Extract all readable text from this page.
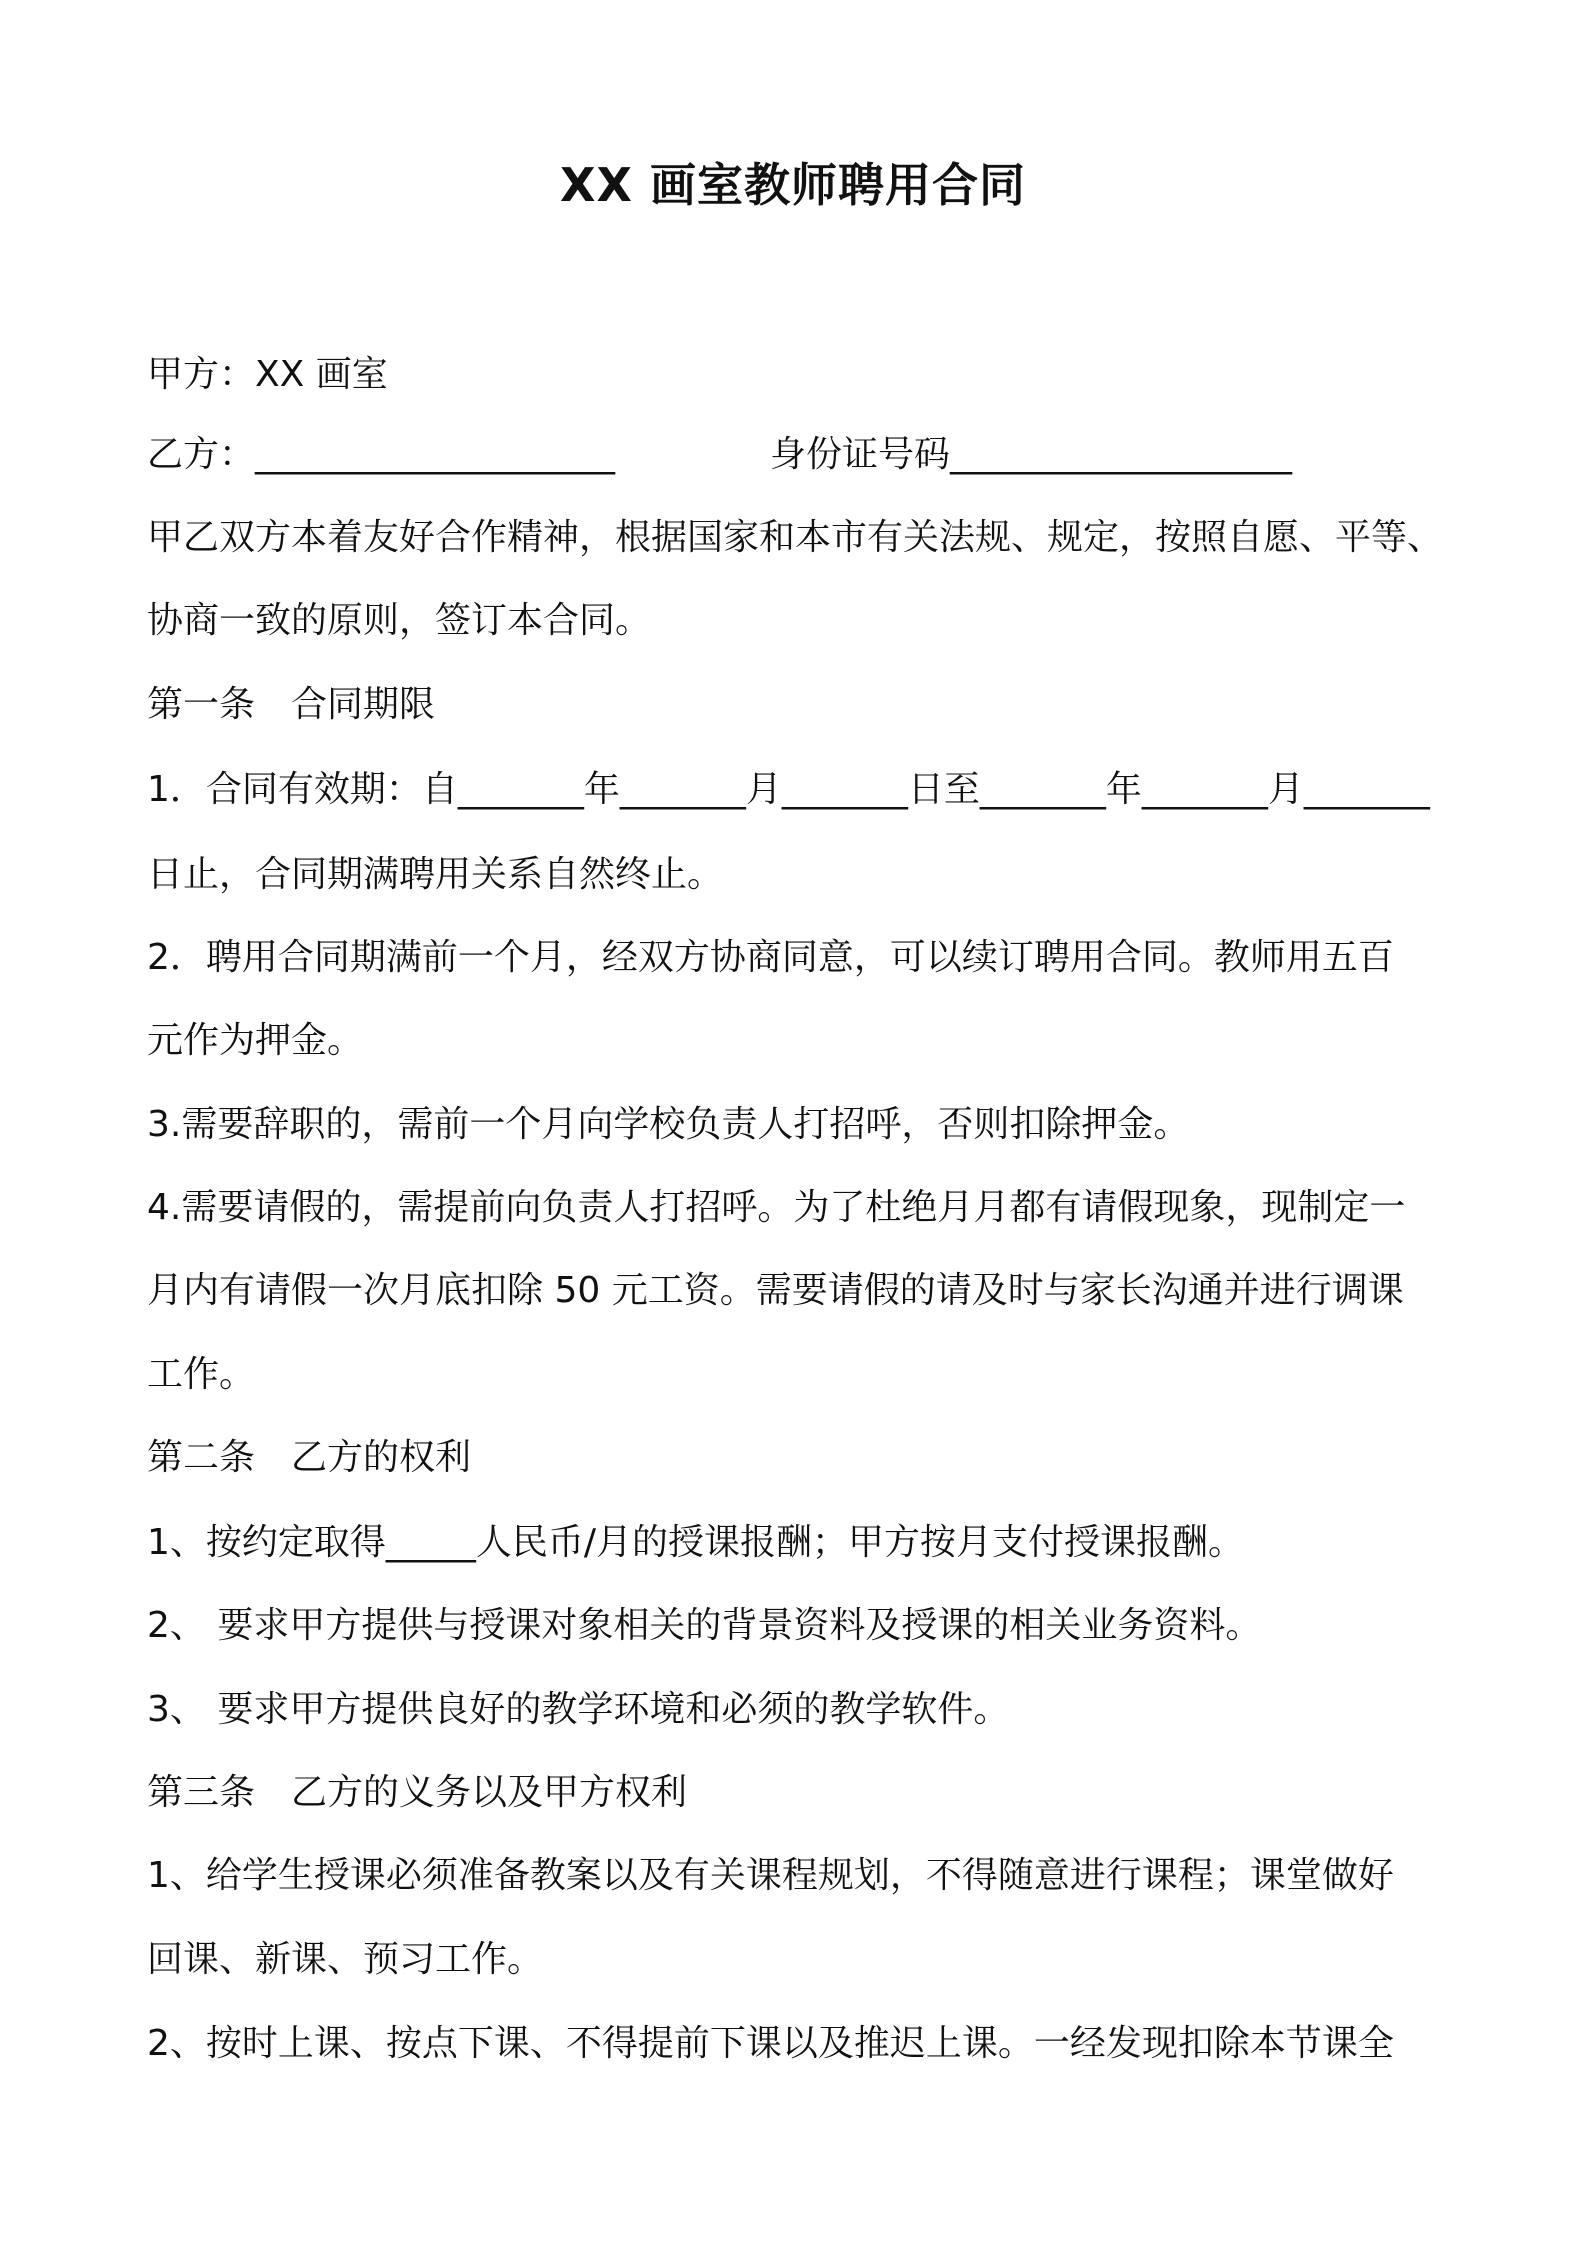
XX 画室教师聘用合同
甲方：XX 画室
乙方：____________________	身份证号码___________________
甲乙双方本着友好合作精神，根据国家和本市有关法规、规定，按照自愿、平等、
协商一致的原则，签订本合同。
第一条　合同期限
1．合同有效期：自_______年_______月_______日至_______年_______月_______
日止，合同期满聘用关系自然终止。
2．聘用合同期满前一个月，经双方协商同意，可以续订聘用合同。教师用五百
元作为押金。
3.需要辞职的，需前一个月向学校负责人打招呼，否则扣除押金。
4.需要请假的，需提前向负责人打招呼。为了杜绝月月都有请假现象，现制定一
月内有请假一次月底扣除 50 元工资。需要请假的请及时与家长沟通并进行调课
工作。
第二条　乙方的权利
1、按约定取得_____人民币/月的授课报酬；甲方按月支付授课报酬。
2、 要求甲方提供与授课对象相关的背景资料及授课的相关业务资料。
3、 要求甲方提供良好的教学环境和必须的教学软件。
第三条　乙方的义务以及甲方权利
1、给学生授课必须准备教案以及有关课程规划，不得随意进行课程；课堂做好
回课、新课、预习工作。
2、按时上课、按点下课、不得提前下课以及推迟上课。一经发现扣除本节课全
